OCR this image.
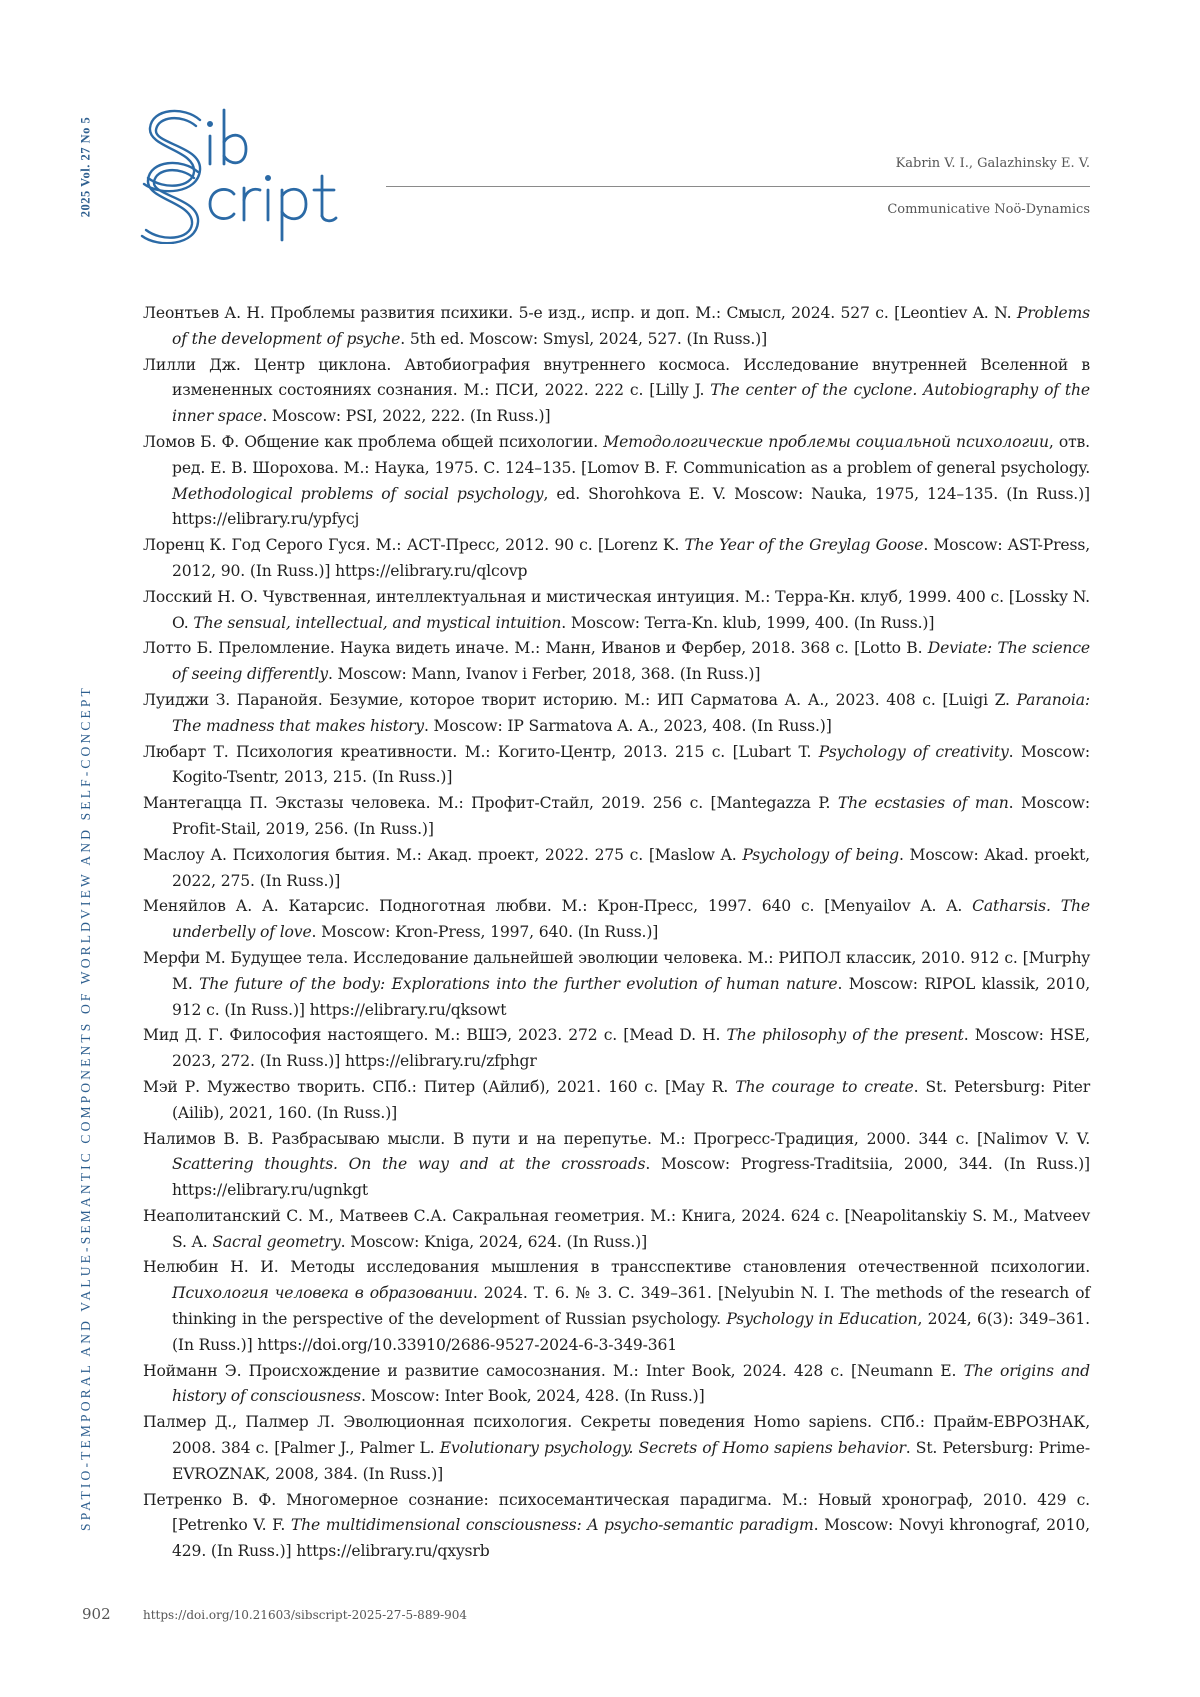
2025 Vol. 27 No 5	Kabrin V. I., Galazhinsky E. V.
Communicative Noö-Dynamics
SPATIO-TEMPORAL AND VALUE-SEMANTIC COMPONENTS OF WORLDVIEW AND SELF-CONCEPT
Леонтьев А. Н. Проблемы развития психики. 5-е изд., испр. и доп. М.: Смысл, 2024. 527 с. [Leontiev A. N. Problems of the development of psyche. 5th ed. Moscow: Smysl, 2024, 527. (In Russ.)]
Лилли Дж. Центр циклона. Автобиография внутреннего космоса. Исследование внутренней Вселенной в измененных состояниях сознания. М.: ПСИ, 2022. 222 с. [Lilly J. The center of the cyclone. Autobiography of the inner space. Moscow: PSI, 2022, 222. (In Russ.)]
Ломов Б. Ф. Общение как проблема общей психологии. Методологические проблемы социальной психологии, отв. ред. Е. В. Шорохова. М.: Наука, 1975. С. 124–135. [Lomov B. F. Communication as a problem of general psychology. Methodological problems of social psychology, ed. Shorohkova E. V. Moscow: Nauka, 1975, 124–135. (In Russ.)] https://elibrary.ru/ypfycj
Лоренц К. Год Серого Гуся. М.: АСТ-Пресс, 2012. 90 с. [Lorenz K. The Year of the Greylag Goose. Moscow: AST-Press, 2012, 90. (In Russ.)] https://elibrary.ru/qlcovp
Лосский Н. О. Чувственная, интеллектуальная и мистическая интуиция. М.: Терра-Кн. клуб, 1999. 400 с. [Lossky N. O. The sensual, intellectual, and mystical intuition. Moscow: Terra-Kn. klub, 1999, 400. (In Russ.)]
Лотто Б. Преломление. Наука видеть иначе. М.: Манн, Иванов и Фербер, 2018. 368 с. [Lotto B. Deviate: The science of seeing differently. Moscow: Mann, Ivanov i Ferber, 2018, 368. (In Russ.)]
Луиджи З. Паранойя. Безумие, которое творит историю. М.: ИП Сарматова А. А., 2023. 408 с. [Luigi Z. Paranoia: The madness that makes history. Moscow: IP Sarmatova A. A., 2023, 408. (In Russ.)]
Любарт Т. Психология креативности. М.: Когито-Центр, 2013. 215 с. [Lubart T. Psychology of creativity. Moscow: Kogito-Tsentr, 2013, 215. (In Russ.)]
Мантегацца П. Экстазы человека. М.: Профит-Стайл, 2019. 256 с. [Mantegazza P. The ecstasies of man. Moscow: Profit-Stail, 2019, 256. (In Russ.)]
Маслоу А. Психология бытия. М.: Акад. проект, 2022. 275 с. [Maslow A. Psychology of being. Moscow: Akad. proekt, 2022, 275. (In Russ.)]
Меняйлов А. А. Катарсис. Подноготная любви. М.: Крон-Пресс, 1997. 640 с. [Menyailov A. A. Catharsis. The underbelly of love. Moscow: Kron-Press, 1997, 640. (In Russ.)]
Мерфи М. Будущее тела. Исследование дальнейшей эволюции человека. М.: РИПОЛ классик, 2010. 912 с. [Murphy M. The future of the body: Explorations into the further evolution of human nature. Moscow: RIPOL klassik, 2010, 912 c. (In Russ.)] https://elibrary.ru/qksowt
Мид Д. Г. Философия настоящего. М.: ВШЭ, 2023. 272 с. [Mead D. H. The philosophy of the present. Moscow: HSE, 2023, 272. (In Russ.)] https://elibrary.ru/zfphgr
Мэй Р. Мужество творить. СПб.: Питер (Айлиб), 2021. 160 с. [May R. The courage to create. St. Petersburg: Piter (Ailib), 2021, 160. (In Russ.)]
Налимов В. В. Разбрасываю мысли. В пути и на перепутье. М.: Прогресс-Традиция, 2000. 344 с. [Nalimov V. V. Scattering thoughts. On the way and at the crossroads. Moscow: Progress-Traditsiia, 2000, 344. (In Russ.)] https://elibrary.ru/ugnkgt
Неаполитанский С. М., Матвеев С.А. Сакральная геометрия. М.: Книга, 2024. 624 с. [Neapolitanskiy S. M., Matveev S. A. Sacral geometry. Moscow: Kniga, 2024, 624. (In Russ.)]
Нелюбин Н. И. Методы исследования мышления в трансспективе становления отечественной психологии. Психология человека в образовании. 2024. Т. 6. № 3. С. 349–361. [Nelyubin N. I. The methods of the research of thinking in the perspective of the development of Russian psychology. Psychology in Education, 2024, 6(3): 349–361. (In Russ.)] https://doi.org/10.33910/2686-9527-2024-6-3-349-361
Нойманн Э. Происхождение и развитие самосознания. М.: Inter Book, 2024. 428 с. [Neumann E. The origins and history of consciousness. Moscow: Inter Book, 2024, 428. (In Russ.)]
Палмер Д., Палмер Л. Эволюционная психология. Секреты поведения Homo sapiens. СПб.: Прайм-ЕВРОЗНАК, 2008. 384 с. [Palmer J., Palmer L. Evolutionary psychology. Secrets of Homo sapiens behavior. St. Petersburg: Prime-EVROZNAK, 2008, 384. (In Russ.)]
Петренко В. Ф. Многомерное сознание: психосемантическая парадигма. М.: Новый хронограф, 2010. 429 с. [Petrenko V. F. The multidimensional consciousness: A psycho-semantic paradigm. Moscow: Novyi khronograf, 2010, 429. (In Russ.)] https://elibrary.ru/qxysrb
902	https://doi.org/10.21603/sibscript-2025-27-5-889-904
